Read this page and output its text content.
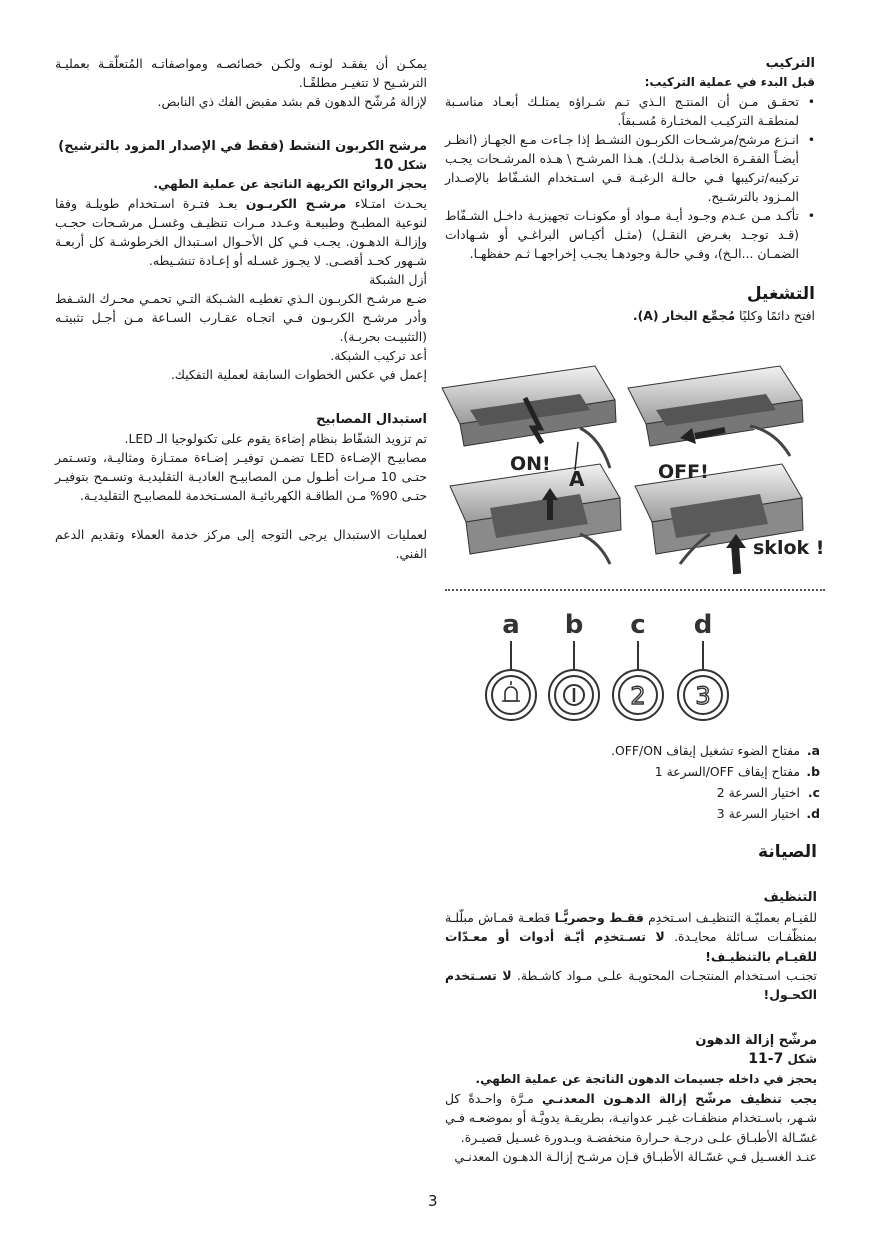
التركيب
قبل البدء في عملية التركيب:
• تحقـق مـن أن المنتـج الـذي تـم شـراؤه يمتلـك أبعـاد مناسـبة لمنطقـة التركيـب المختـارة مُسـبقاً.
• انـزع مرشح/مرشـحات الكربـون النشـط إذا جـاءت مـع الجهـاز (انظـر أيضـاً الفقـرة الخاصـة بذلـك). هـذا المرشـح \ هـذه المرشـحات يجـب تركيبه/تركيبها فـي حالـة الرغبـة فـي اسـتخدام الشـفّاط بالإصـدار المـزود بالترشـيح.
• تأكـد مـن عـدم وجـود أيـة مـواد أو مكونـات تجهيزيـة داخـل الشـفّاط (قـد توجـد بغـرض النقـل) (مثـل أكيـاس البراغـي أو شـهادات الضمـان ...الـخ)، وفـي حالـة وجودهـا يجـب إخراجهـا ثـم حفظهـا.
التشغيل

افتح دائمًا وكليًا مُجمِّع البخار (A).

ON!
A	OFF!
sklok !
a b c d
2 3
a.
مفتاح الضوء تشغيل إيقاف OFF/ON.
b.
مفتاح إيقاف OFF/السرعة 1
c.
اختيار السرعة 2
d.
اختيار السرعة 3
الصيانة
التنظيف

للقيـام بعمليّـة التنظيـف اسـتخدِم فقـط وحصريًّـا قطعـة قمـاش مبلّلـة بمنظّفـات سـائلة محايـدة. لا تسـتخدِم أيّـة أدوات أو معـدّات للقيـام بالتنظيـف!

تجنـب اسـتخدام المنتجـات المحتويـة علـى مـواد كاشـطة. لا تسـتخدم الكحـول!

مرشّح إزالة الدهون

شكل 7-11

يحجز في داخله جسيمات الدهون الناتجة عن عملية الطهي.

يجب تنظيف مرشّح إزالة الدهـون المعدنـي مـرَّة واحـدةً كل شـهر، باسـتخدام منظفـات غيـر عدوانيـة، بطريقـة يدويَّـة أو بموضعـه فـي غسّـالة الأطبـاق علـى درجـة حـرارة منخفضـة وبـدورة غسـيل قصيـرة.

عنـد الغسـيل فـي غسّـالة الأطبـاق فـإن مرشـح إزالـة الدهـون المعدنـي

يمكـن أن يفقـد لونـه ولكـن خصائصـه ومواصفاتـه المُتعلّقـة بعمليـة الترشـيح لا تتغيـر مطلقًـا.

لإزالة مُرشّح الدهون قم بشد مقبض الفك ذي النابض.

مرشح الكربون النشط (فقط في الإصدار المزود بالترشيح)

شكل 10

يحجز الروائح الكريهة الناتجة عن عملية الطهي.

يحـدث امتـلاء مرشـح الكربـون بعـد فتـرة اسـتخدام طويلـة وفقا لنوعية المطبـخ وطبيعـة وعـدد مـرات تنظيـف وغسـل مرشـحات حجـب وإزالـة الدهـون. يجـب فـي كل الأحـوال اسـتبدال الخرطوشـة كل أربعـة شـهور كحـد أقصـى. لا يجـوز غسـله أو إعـادة تنشـيطه.

أزل الشبكة

ضـع مرشـح الكربـون الـذي تغطيـه الشـبكة التـي تحمـي محـرك الشـفط وأدر مرشـح الكربـون فـي اتجـاه عقـارب السـاعة مـن أجـل تثبيتـه (التثبيـت بحربـة).

أعد تركيب الشبكة.

إعمل في عكس الخطوات السابقة لعملية التفكيك.

استبدال المصابيح

تم تزويد الشفّاط بنظام إضاءة يقوم على تكنولوجيا الـ LED.

مصابيـح الإضـاءة LED تضمـن توفيـر إضـاءة ممتـازة ومثاليـة، وتسـتمر حتـى 10 مـرات أطـول مـن المصابيـح العاديـة التقليديـة وتسـمح بتوفيـر حتـى 90% مـن الطاقـة الكهربائيـة المسـتخدمة للمصابيـح التقليديـة.

لعمليات الاستبدال يرجى التوجه إلى مركز خدمة العملاء وتقديم الدعم الفني.

3
